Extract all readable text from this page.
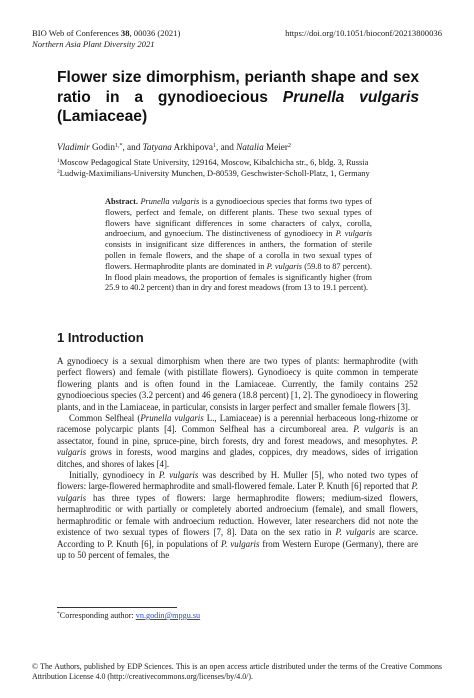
BIO Web of Conferences 38, 00036 (2021)
Northern Asia Plant Diversity 2021
https://doi.org/10.1051/bioconf/20213800036
Flower size dimorphism, perianth shape and sex ratio in a gynodioecious Prunella vulgaris (Lamiaceae)
Vladimir Godin$^{1,*}$, and Tatyana Arkhipova$^1$, and Natalia Meier$^2$
$^1$Moscow Pedagogical State University, 129164, Moscow, Kibalchicha str., 6, bldg. 3, Russia
$^2$Ludwig-Maximilians-University Munchen, D-80539, Geschwister-Scholl-Platz, 1, Germany
Abstract. Prunella vulgaris is a gynodioecious species that forms two types of flowers, perfect and female, on different plants. These two sexual types of flowers have significant differences in some characters of calyx, corolla, androecium, and gynoecium. The distinctiveness of gynodioecy in P. vulgaris consists in insignificant size differences in anthers, the formation of sterile pollen in female flowers, and the shape of a corolla in two sexual types of flowers. Hermaphrodite plants are dominated in P. vulgaris (59.8 to 87 percent). In flood plain meadows, the proportion of females is significantly higher (from 25.9 to 40.2 percent) than in dry and forest meadows (from 13 to 19.1 percent).
1 Introduction

A gynodioecy is a sexual dimorphism when there are two types of plants: hermaphrodite (with perfect flowers) and female (with pistillate flowers). Gynodioecy is quite common in temperate flowering plants and is often found in the Lamiaceae. Currently, the family contains 252 gynodioecious species (3.2 percent) and 46 genera (18.8 percent) [1, 2]. The gynodioecy in flowering plants, and in the Lamiaceae, in particular, consists in larger perfect and smaller female flowers [3].

Common Selfheal (Prunella vulgaris L., Lamiaceae) is a perennial herbaceous long-rhizome or racemose polycarpic plants [4]. Common Selfheal has a circumboreal area. P. vulgaris is an assectator, found in pine, spruce-pine, birch forests, dry and forest meadows, and mesophytes. P. vulgaris grows in forests, wood margins and glades, coppices, dry meadows, sides of irrigation ditches, and shores of lakes [4].

Initially, gynodioecy in P. vulgaris was described by H. Muller [5], who noted two types of flowers: large-flowered hermaphrodite and small-flowered female. Later P. Knuth [6] reported that P. vulgaris has three types of flowers: large hermaphrodite flowers; medium-sized flowers, hermaphroditic or with partially or completely aborted androecium (female), and small flowers, hermaphroditic or female with androecium reduction. However, later researchers did not note the existence of two sexual types of flowers [7, 8]. Data on the sex ratio in P. vulgaris are scarce. According to P. Knuth [6], in populations of P. vulgaris from Western Europe (Germany), there are up to 50 percent of females, the

*Corresponding author: vn.godin@mpgu.su
© The Authors, published by EDP Sciences. This is an open access article distributed under the terms of the Creative Commons Attribution License 4.0 (http://creativecommons.org/licenses/by/4.0/).
